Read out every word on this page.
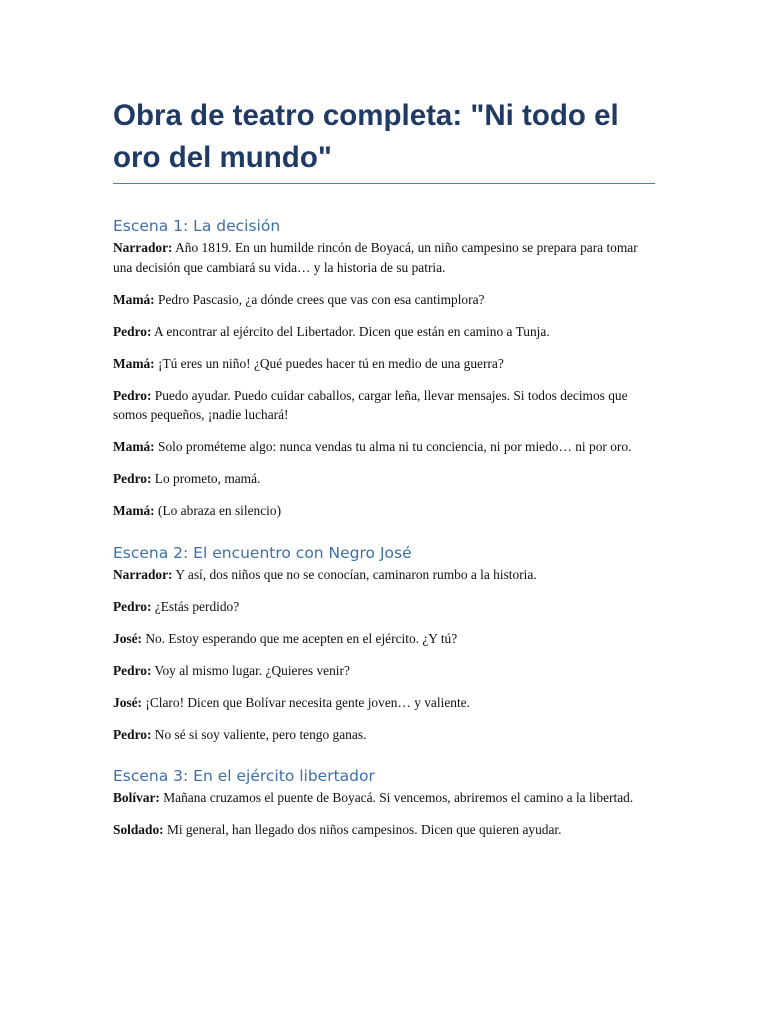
Obra de teatro completa: "Ni todo el oro del mundo"
Escena 1: La decisión

Narrador: Año 1819. En un humilde rincón de Boyacá, un niño campesino se prepara para tomar una decisión que cambiará su vida… y la historia de su patria.

Mamá: Pedro Pascasio, ¿a dónde crees que vas con esa cantimplora?

Pedro: A encontrar al ejército del Libertador. Dicen que están en camino a Tunja.

Mamá: ¡Tú eres un niño! ¿Qué puedes hacer tú en medio de una guerra?

Pedro: Puedo ayudar. Puedo cuidar caballos, cargar leña, llevar mensajes. Si todos decimos que somos pequeños, ¡nadie luchará!

Mamá: Solo prométeme algo: nunca vendas tu alma ni tu conciencia, ni por miedo… ni por oro.

Pedro: Lo prometo, mamá.

Mamá: (Lo abraza en silencio)

Escena 2: El encuentro con Negro José

Narrador: Y así, dos niños que no se conocían, caminaron rumbo a la historia.

Pedro: ¿Estás perdido?

José: No. Estoy esperando que me acepten en el ejército. ¿Y tú?

Pedro: Voy al mismo lugar. ¿Quieres venir?

José: ¡Claro! Dicen que Bolívar necesita gente joven… y valiente.

Pedro: No sé si soy valiente, pero tengo ganas.

Escena 3: En el ejército libertador

Bolívar: Mañana cruzamos el puente de Boyacá. Si vencemos, abriremos el camino a la libertad.

Soldado: Mi general, han llegado dos niños campesinos. Dicen que quieren ayudar.
